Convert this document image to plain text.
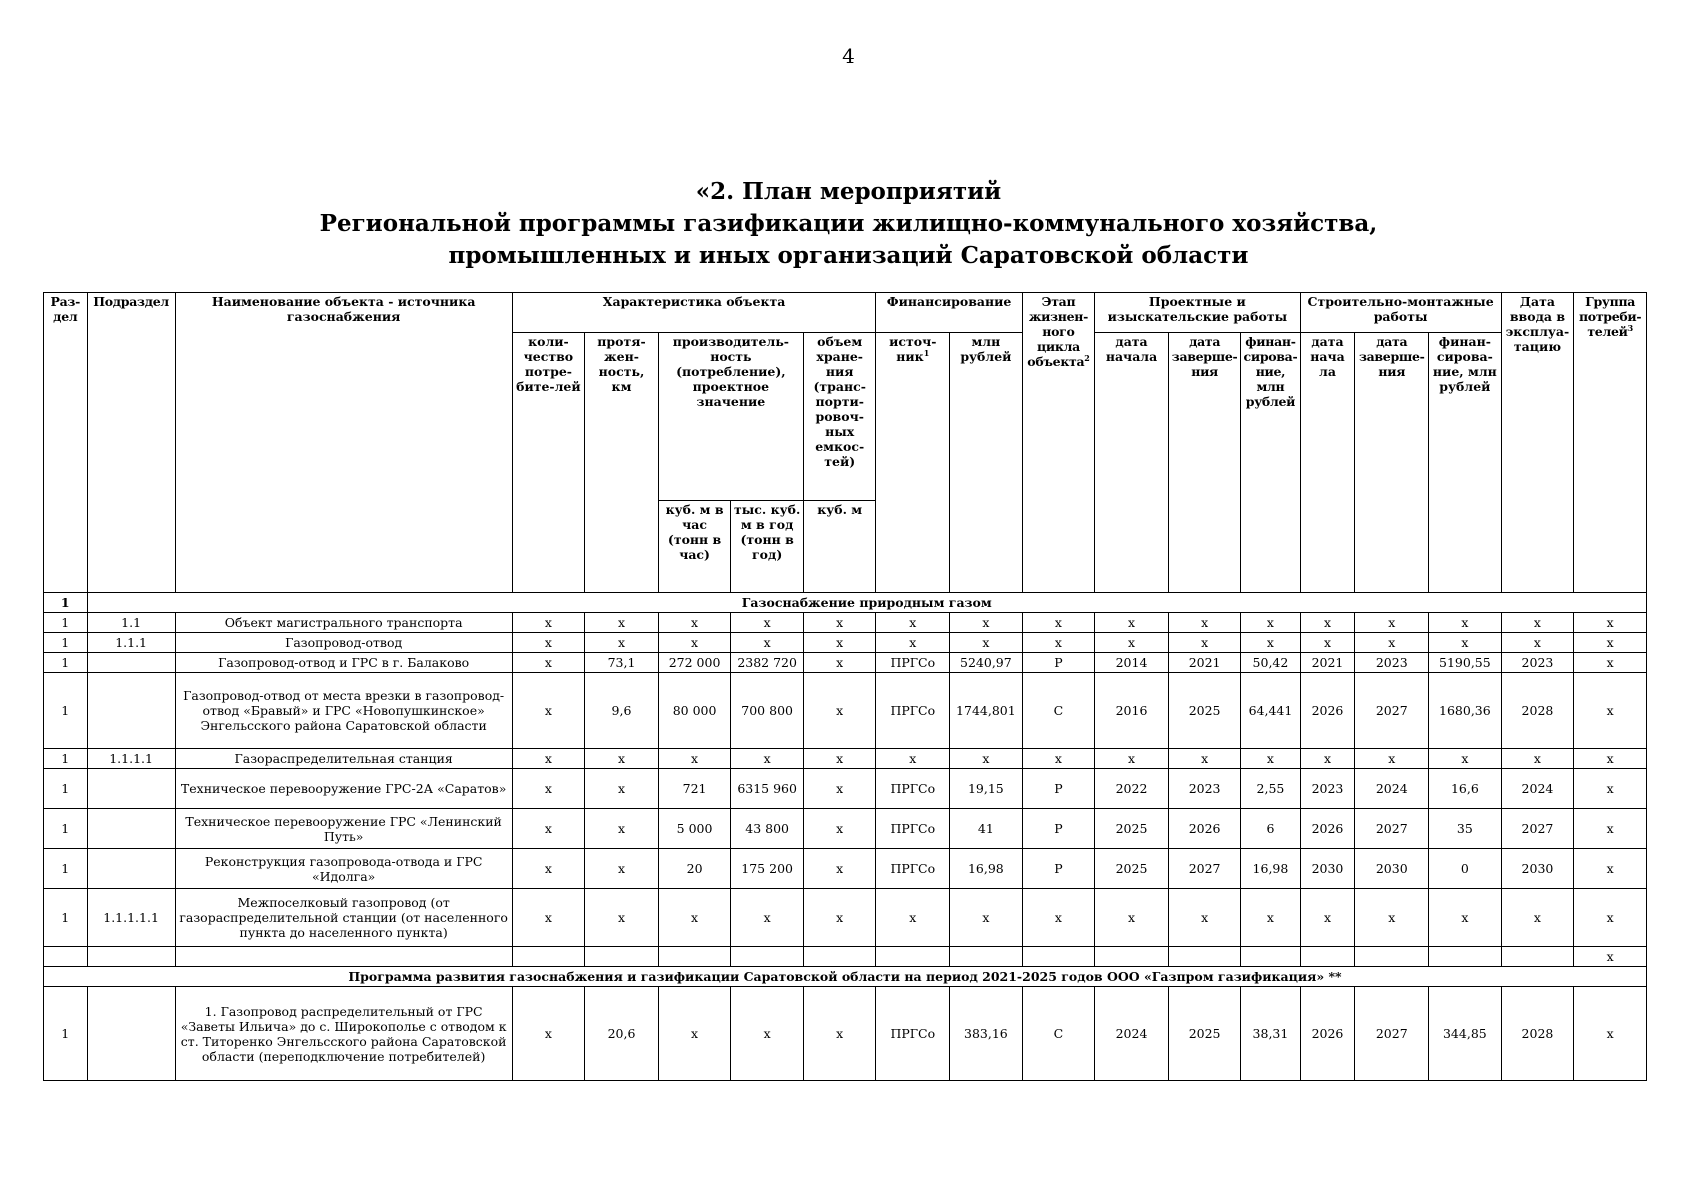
4
«2. План мероприятий
Региональной программы газификации жилищно-коммунального хозяйства,
промышленных и иных организаций Саратовской области
Раз-дел	Подраздел	Наименование объекта - источника газоснабжения	Характеристика объекта					Финансирование		Этап жизнен-ного цикла объекта$^2$	Проектные и изыскательские работы			Строительно-монтажные работы			Дата ввода в эксплуа-тацию	Группа потреби-телей$^3$
			коли-чество потре-бите-лей	протя-жен-ность, км	производитель-ность (потребление), проектное значение		объем хране-ния (транс-порти-ровоч-ных емкос-тей)	источ-ник$^1$	млн рублей		дата начала	дата заверше-ния	финан-сирова-ние, млн рублей	дата нача ла	дата заверше-ния	финан-сирова-ние, млн рублей		
					куб. м в час (тонн в час)	тыс. куб. м в год (тонн в год)	куб. м											
1	Газоснабжение природным газом																	
1	1.1	Объект магистрального транспорта	x	x	x	x	x	x	x	x	x	x	x	x	x	x	x	x
1	1.1.1	Газопровод-отвод	x	x	x	x	x	x	x	x	x	x	x	x	x	x	x	x
1		Газопровод-отвод и ГРС в г. Балаково	x	73,1	272 000	2382 720	x	ПРГСо	5240,97	Р	2014	2021	50,42	2021	2023	5190,55	2023	x
1		Газопровод-отвод от места врезки в газопровод-отвод «Бравый» и ГРС «Новопушкинское» Энгельсского района Саратовской области	x	9,6	80 000	700 800	x	ПРГСо	1744,801	С	2016	2025	64,441	2026	2027	1680,36	2028	x
1	1.1.1.1	Газораспределительная станция	x	x	x	x	x	x	x	x	x	x	x	x	x	x	x	x
1		Техническое перевооружение ГРС-2А «Саратов»	x	x	721	6315 960	x	ПРГСо	19,15	Р	2022	2023	2,55	2023	2024	16,6	2024	x
1		Техническое перевооружение ГРС «Ленинский Путь»	x	x	5 000	43 800	x	ПРГСо	41	Р	2025	2026	6	2026	2027	35	2027	x
1		Реконструкция газопровода-отвода и ГРС «Идолга»	x	x	20	175 200	x	ПРГСо	16,98	Р	2025	2027	16,98	2030	2030	0	2030	x
1	1.1.1.1.1	Межпоселковый газопровод (от газораспределительной станции (от населенного пункта до населенного пункта)	x	x	x	x	x	x	x	x	x	x	x	x	x	x	x	x
																		x
Программа развития газоснабжения и газификации Саратовской области на период 2021-2025 годов ООО «Газпром газификация» **																		
1		1. Газопровод распределительный от ГРС «Заветы Ильича» до с. Широкополье с отводом к ст. Титоренко Энгельсского района Саратовской области (переподключение потребителей)	x	20,6	x	x	x	ПРГСо	383,16	С	2024	2025	38,31	2026	2027	344,85	2028	x
